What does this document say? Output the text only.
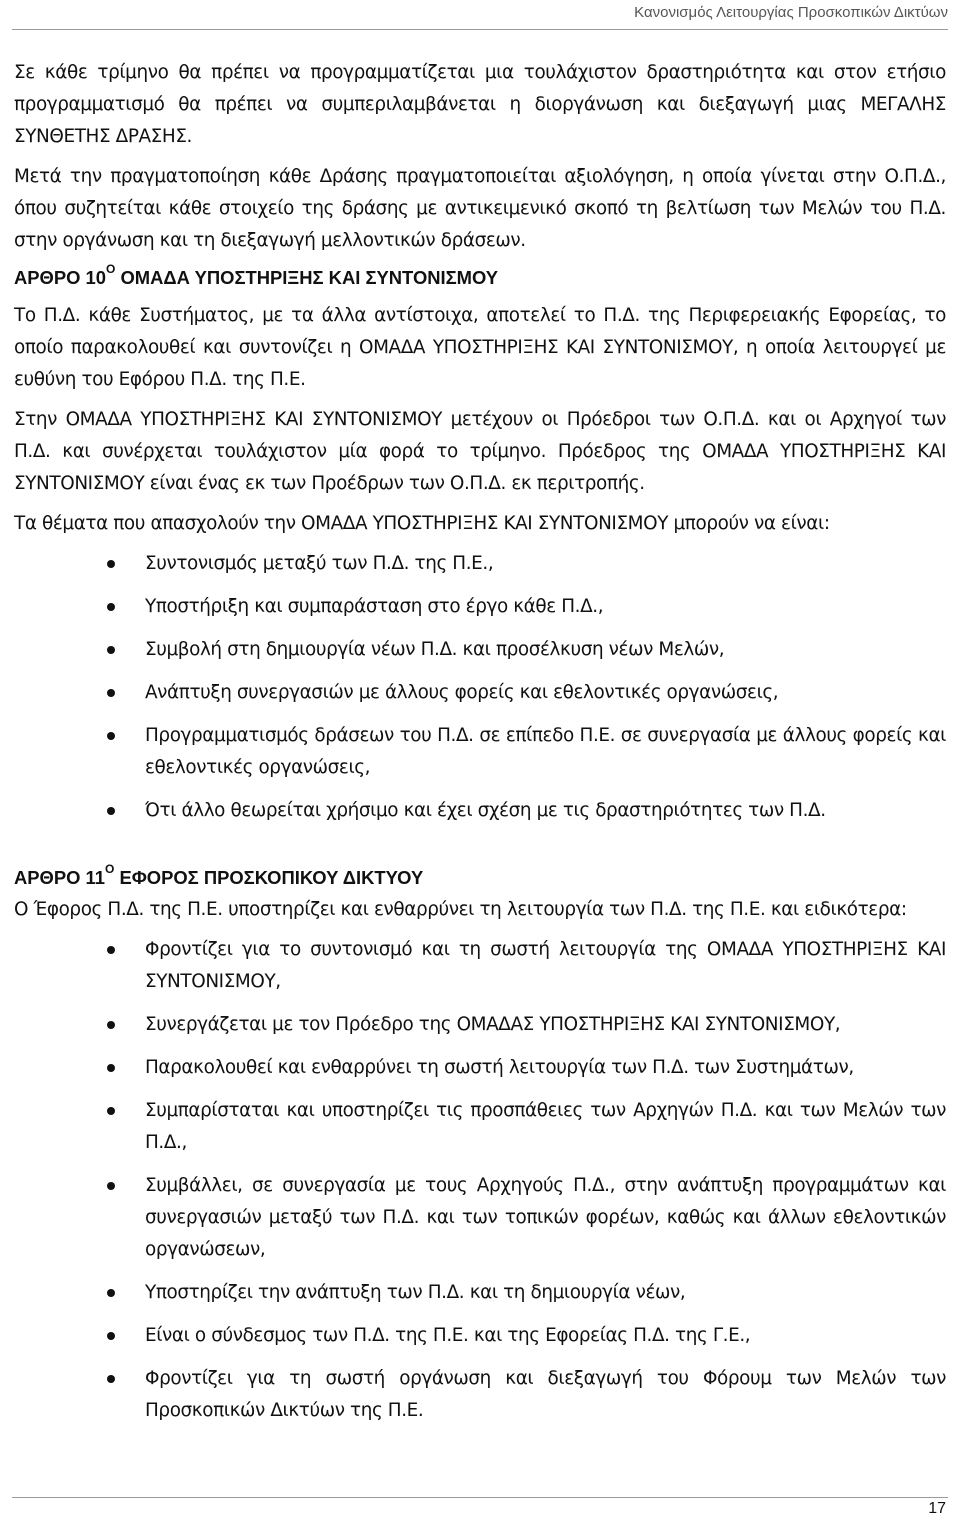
Κανονισμός Λειτουργίας Προσκοπικών Δικτύων

Σε κάθε τρίμηνο θα πρέπει να προγραμματίζεται μια τουλάχιστον δραστηριότητα και στον ετήσιο προγραμματισμό θα πρέπει να συμπεριλαμβάνεται η διοργάνωση και διεξαγωγή μιας ΜΕΓΑΛΗΣ ΣΥΝΘΕΤΗΣ ΔΡΑΣΗΣ.

Μετά την πραγματοποίηση κάθε Δράσης πραγματοποιείται αξιολόγηση, η οποία γίνεται στην Ο.Π.Δ., όπου συζητείται κάθε στοιχείο της δράσης με αντικειμενικό σκοπό τη βελτίωση των Μελών του Π.Δ. στην οργάνωση και τη διεξαγωγή μελλοντικών δράσεων.

ΑΡΘΡΟ $10^O$ ΟΜΑΔΑ ΥΠΟΣΤΗΡΙΞΗΣ ΚΑΙ ΣΥΝΤΟΝΙΣΜΟΥ

Το Π.Δ. κάθε Συστήματος, με τα άλλα αντίστοιχα, αποτελεί το Π.Δ. της Περιφερειακής Εφορείας, το οποίο παρακολουθεί και συντονίζει η ΟΜΑΔΑ ΥΠΟΣΤΗΡΙΞΗΣ ΚΑΙ ΣΥΝΤΟΝΙΣΜΟΥ, η οποία λειτουργεί με ευθύνη του Εφόρου Π.Δ. της Π.Ε.

Στην ΟΜΑΔΑ ΥΠΟΣΤΗΡΙΞΗΣ ΚΑΙ ΣΥΝΤΟΝΙΣΜΟΥ μετέχουν οι Πρόεδροι των Ο.Π.Δ. και οι Αρχηγοί των Π.Δ. και συνέρχεται τουλάχιστον μία φορά το τρίμηνο. Πρόεδρος της ΟΜΑΔΑ ΥΠΟΣΤΗΡΙΞΗΣ ΚΑΙ ΣΥΝΤΟΝΙΣΜΟΥ είναι ένας εκ των Προέδρων των Ο.Π.Δ. εκ περιτροπής.

Τα θέματα που απασχολούν την ΟΜΑΔΑ ΥΠΟΣΤΗΡΙΞΗΣ ΚΑΙ ΣΥΝΤΟΝΙΣΜΟΥ μπορούν να είναι:

Συντονισμός μεταξύ των Π.Δ. της Π.Ε.,
Υποστήριξη και συμπαράσταση στο έργο κάθε Π.Δ.,
Συμβολή στη δημιουργία νέων Π.Δ. και προσέλκυση νέων Μελών,
Ανάπτυξη συνεργασιών με άλλους φορείς και εθελοντικές οργανώσεις,
Προγραμματισμός δράσεων του Π.Δ. σε επίπεδο Π.Ε. σε συνεργασία με άλλους φορείς και εθελοντικές οργανώσεις,
Ότι άλλο θεωρείται χρήσιμο και έχει σχέση με τις δραστηριότητες των Π.Δ.
ΑΡΘΡΟ $11^O$ ΕΦΟΡΟΣ ΠΡΟΣΚΟΠΙΚΟΥ ΔΙΚΤΥΟΥ

Ο Έφορος Π.Δ. της Π.Ε. υποστηρίζει και ενθαρρύνει τη λειτουργία των Π.Δ. της Π.Ε. και ειδικότερα:

Φροντίζει για το συντονισμό και τη σωστή λειτουργία της ΟΜΑΔΑ ΥΠΟΣΤΗΡΙΞΗΣ ΚΑΙ ΣΥΝΤΟΝΙΣΜΟΥ,
Συνεργάζεται με τον Πρόεδρο της ΟΜΑΔΑΣ ΥΠΟΣΤΗΡΙΞΗΣ ΚΑΙ ΣΥΝΤΟΝΙΣΜΟΥ,
Παρακολουθεί και ενθαρρύνει τη σωστή λειτουργία των Π.Δ. των Συστημάτων,
Συμπαρίσταται και υποστηρίζει τις προσπάθειες των Αρχηγών Π.Δ. και των Μελών των Π.Δ.,
Συμβάλλει, σε συνεργασία με τους Αρχηγούς Π.Δ., στην ανάπτυξη προγραμμάτων και συνεργασιών μεταξύ των Π.Δ. και των τοπικών φορέων, καθώς και άλλων εθελοντικών οργανώσεων,
Υποστηρίζει την ανάπτυξη των Π.Δ. και τη δημιουργία νέων,
Είναι ο σύνδεσμος των Π.Δ. της Π.Ε. και της Εφορείας Π.Δ. της Γ.Ε.,
Φροντίζει για τη σωστή οργάνωση και διεξαγωγή του Φόρουμ των Μελών των Προσκοπικών Δικτύων της Π.Ε.
17
